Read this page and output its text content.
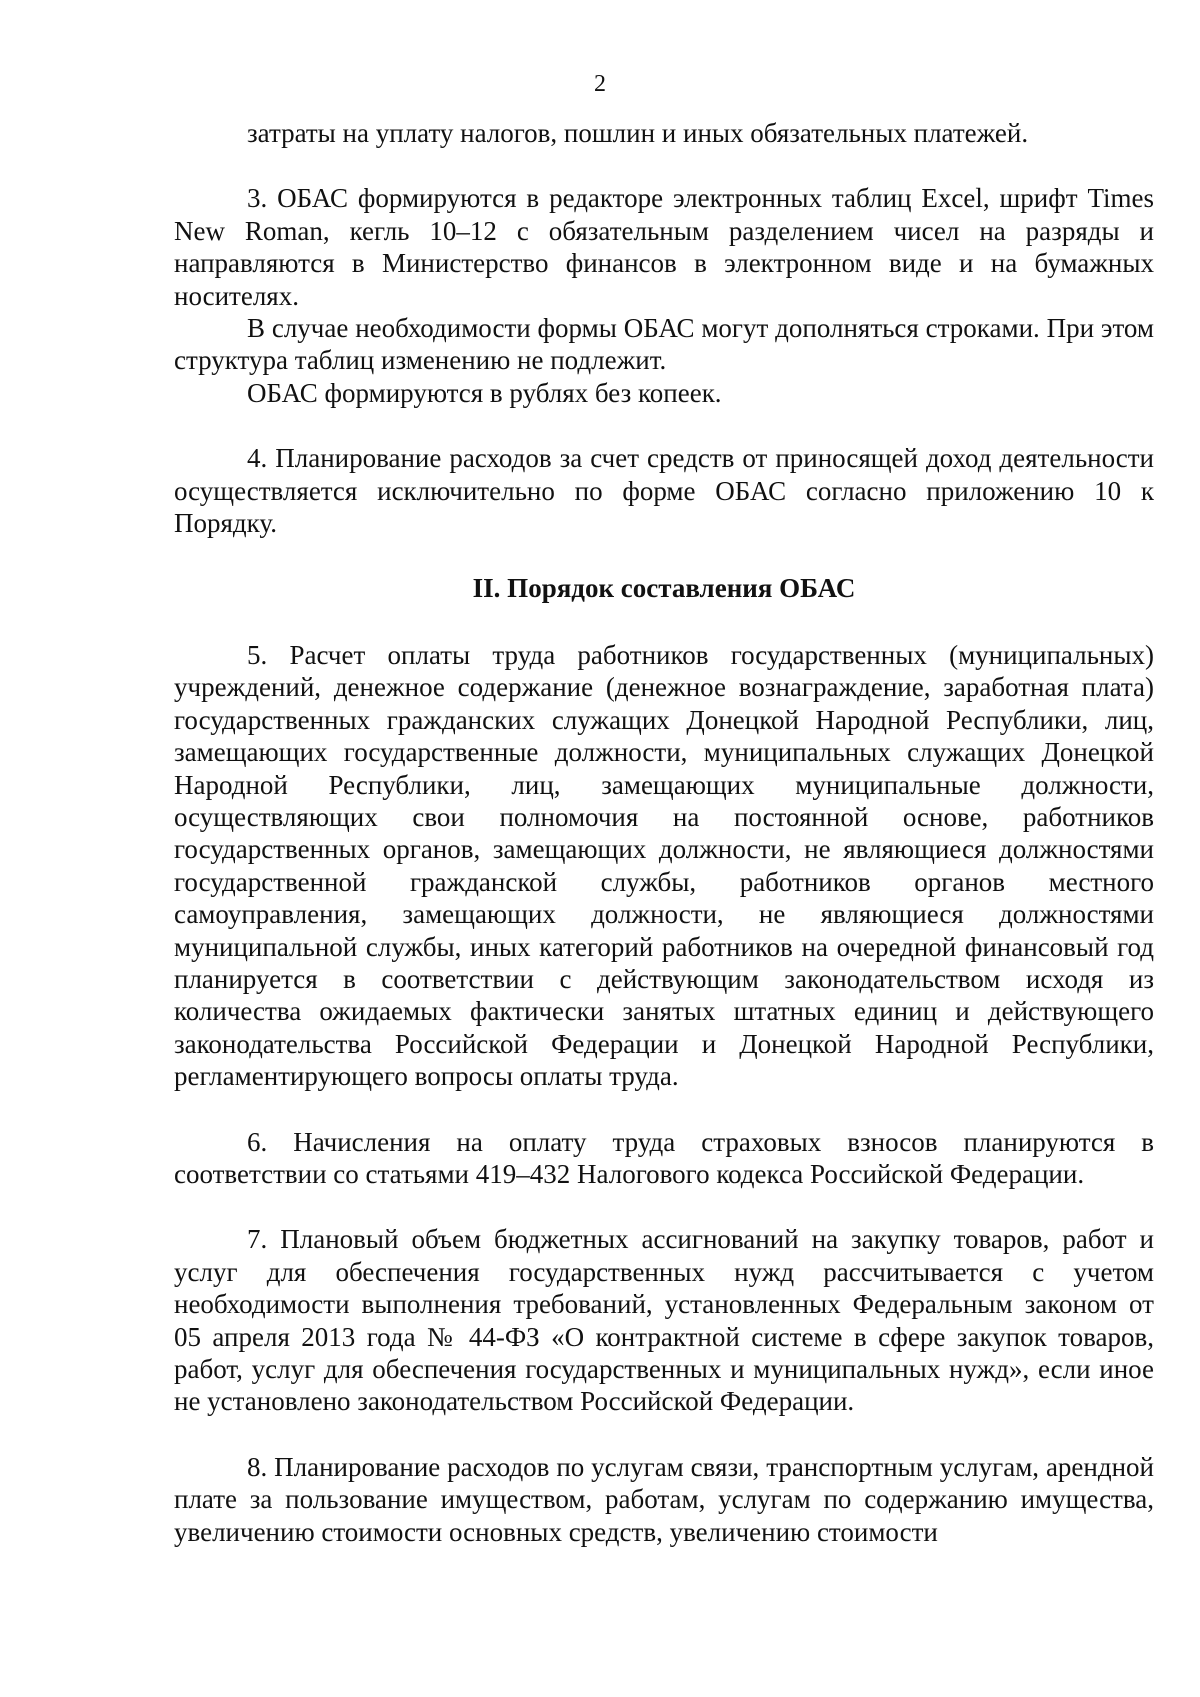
2

затраты на уплату налогов, пошлин и иных обязательных платежей.

3. ОБАС формируются в редакторе электронных таблиц Excel, шрифт Times New Roman, кегль 10–12 с обязательным разделением чисел на разряды и направляются в Министерство финансов в электронном виде и на бумажных носителях.

В случае необходимости формы ОБАС могут дополняться строками. При этом структура таблиц изменению не подлежит.

ОБАС формируются в рублях без копеек.

4. Планирование расходов за счет средств от приносящей доход деятельности осуществляется исключительно по форме ОБАС согласно приложению 10 к Порядку.

II. Порядок составления ОБАС

5. Расчет оплаты труда работников государственных (муниципальных) учреждений, денежное содержание (денежное вознаграждение, заработная плата) государственных гражданских служащих Донецкой Народной Республики, лиц, замещающих государственные должности, муниципальных служащих Донецкой Народной Республики, лиц, замещающих муниципальные должности, осуществляющих свои полномочия на постоянной основе, работников государственных органов, замещающих должности, не являющиеся должностями государственной гражданской службы, работников органов местного самоуправления, замещающих должности, не являющиеся должностями муниципальной службы, иных категорий работников на очередной финансовый год планируется в соответствии с действующим законодательством исходя из количества ожидаемых фактически занятых штатных единиц и действующего законодательства Российской Федерации и Донецкой Народной Республики, регламентирующего вопросы оплаты труда.

6. Начисления на оплату труда страховых взносов планируются в соответствии со статьями 419–432 Налогового кодекса Российской Федерации.

7. Плановый объем бюджетных ассигнований на закупку товаров, работ и услуг для обеспечения государственных нужд рассчитывается с учетом необходимости выполнения требований, установленных Федеральным законом от 05 апреля 2013 года № 44-ФЗ «О контрактной системе в сфере закупок товаров, работ, услуг для обеспечения государственных и муниципальных нужд», если иное не установлено законодательством Российской Федерации.

8. Планирование расходов по услугам связи, транспортным услугам, арендной плате за пользование имуществом, работам, услугам по содержанию имущества, увеличению стоимости основных средств, увеличению стоимости
